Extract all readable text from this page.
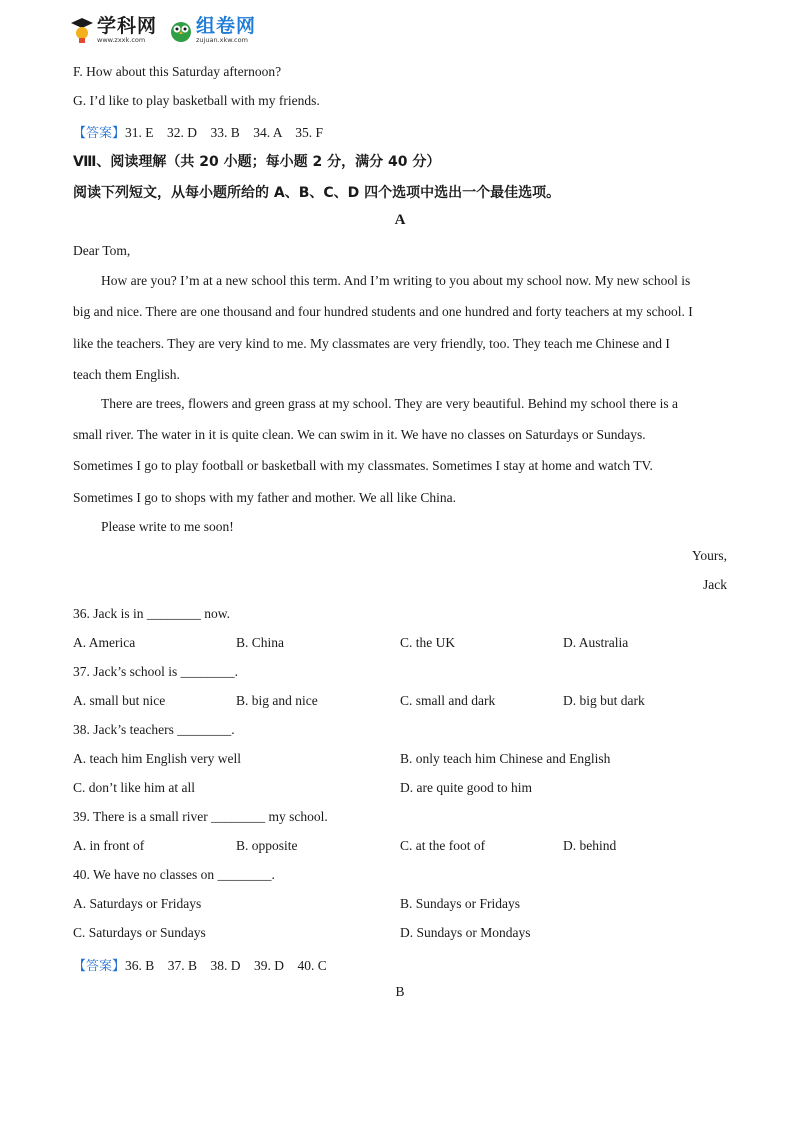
学科网
www.zxxk.com
组卷网
zujuan.xkw.com
F. How about this Saturday afternoon?
G. I’d like to play basketball with my friends.
【答案】31. E    32. D    33. B    34. A    35. F
Ⅷ、阅读理解（共 20 小题；每小题 2 分，满分 40 分）
阅读下列短文，从每小题所给的 A、B、C、D 四个选项中选出一个最佳选项。
A
Dear Tom,
How are you? I’m at a new school this term. And I’m writing to you about my school now. My new school is
big and nice. There are one thousand and four hundred students and one hundred and forty teachers at my school. I
like the teachers. They are very kind to me. My classmates are very friendly, too. They teach me Chinese and I
teach them English.
There are trees, flowers and green grass at my school. They are very beautiful. Behind my school there is a
small river. The water in it is quite clean. We can swim in it. We have no classes on Saturdays or Sundays.
Sometimes I go to play football or basketball with my classmates. Sometimes I stay at home and watch TV.
Sometimes I go to shops with my father and mother. We all like China.
Please write to me soon!
Yours,
Jack
36. Jack is in ________ now.
A. America	B. China	C. the UK	D. Australia
37. Jack’s school is ________.
A. small but nice	B. big and nice	C. small and dark	D. big but dark
38. Jack’s teachers ________.
A. teach him English very well	B. only teach him Chinese and English
C. don’t like him at all	D. are quite good to him
39. There is a small river ________ my school.
A. in front of	B. opposite	C. at the foot of	D. behind
40. We have no classes on ________.
A. Saturdays or Fridays	B. Sundays or Fridays
C. Saturdays or Sundays	D. Sundays or Mondays
【答案】36. B    37. B    38. D    39. D    40. C
B
